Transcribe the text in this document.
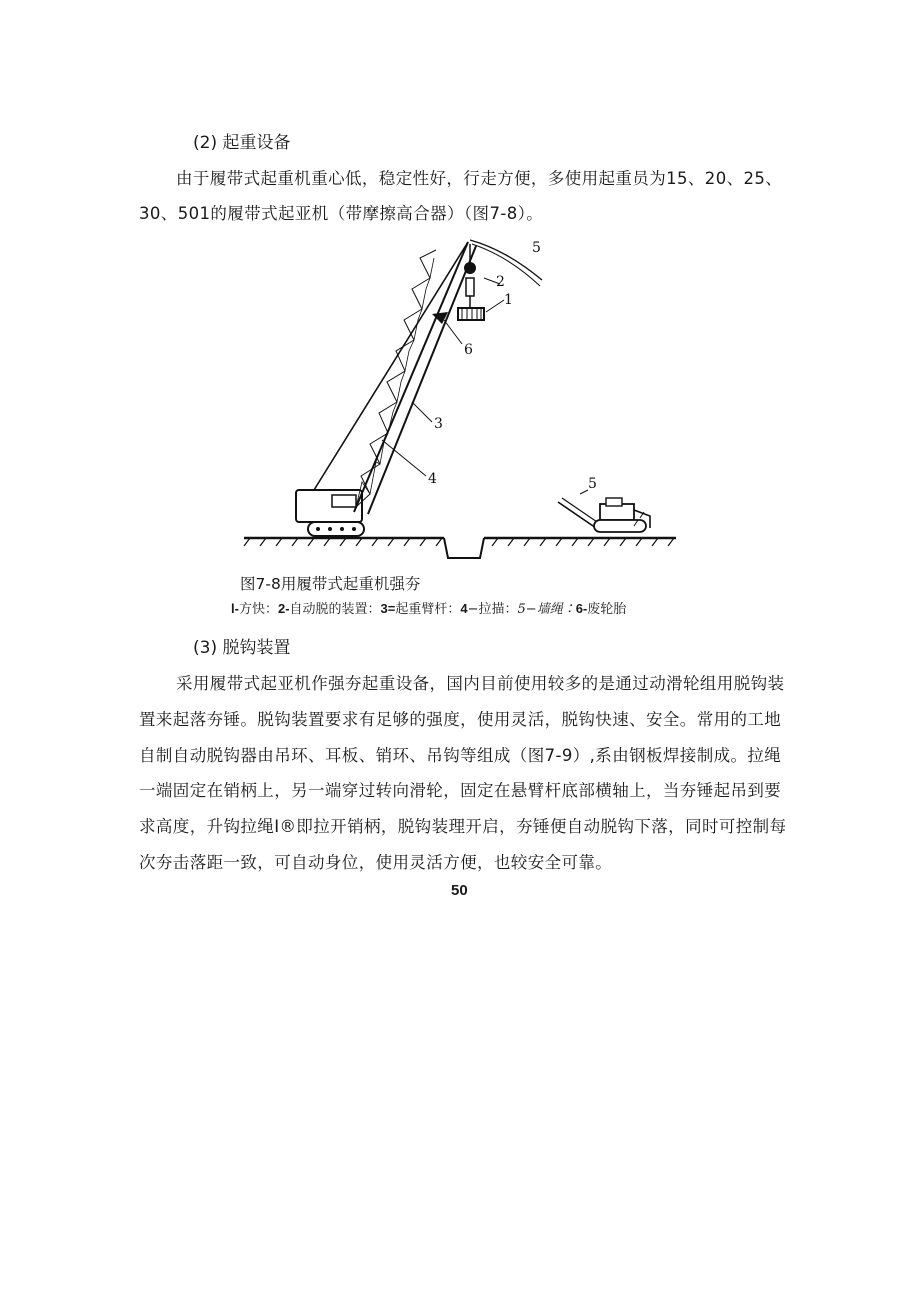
(2) 起重设备
由于履带式起重机重心低，稳定性好，行走方便，多使用起重员为15、20、25、
30、501的履带式起亚机（带摩擦高合器）（图7-8）。
1
2
3
4
5
5
6
图7-8用履带式起重机强夯
l-方快：2-自动脱的装置：3=起重臂杆：4−拉描：5−墙绳∶6-废轮胎
(3) 脱钩装置
采用履带式起亚机作强夯起重设备，国内目前使用较多的是通过动滑轮组用脱钩装
置来起落夯锤。脱钩装置要求有足够的强度，使用灵活，脱钩快速、安全。常用的工地
自制自动脱钩器由吊环、耳板、销环、吊钩等组成（图7-9）,系由钢板焊接制成。拉绳
一端固定在销柄上，另一端穿过转向滑轮，固定在悬臂杆底部横轴上，当夯锤起吊到要
求高度，升钩拉绳I®即拉开销柄，脱钩装理开启，夯锤便自动脱钩下落，同时可控制每
次夯击落距一致，可自动身位，使用灵活方便，也较安全可靠。
50
